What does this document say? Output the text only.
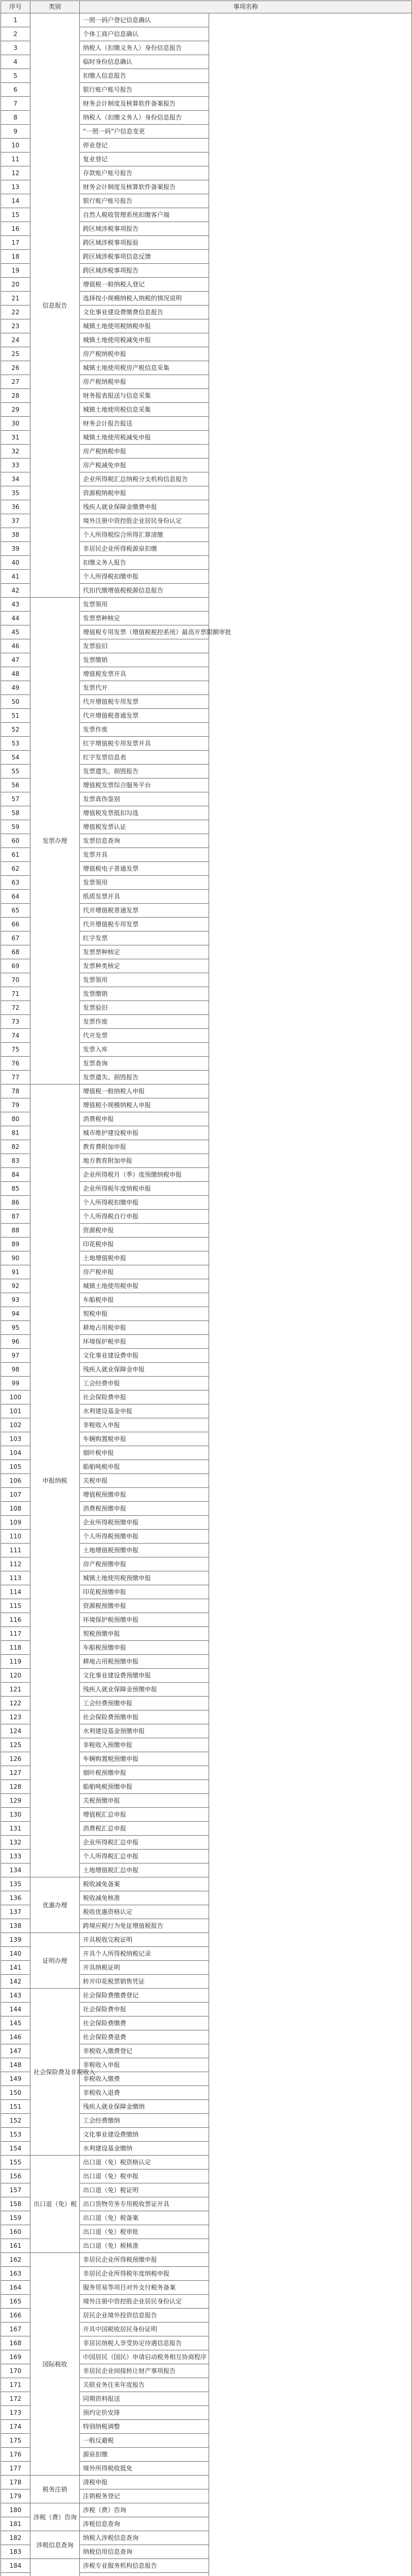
序号	类别	事项名称	
1	信息报告	一照一码户登记信息确认	
2		个体工商户信息确认	
3		纳税人（扣缴义务人）身份信息报告	
4		临时身份信息确认	
5		扣缴人信息报告	
6		银行账户账号报告	
7		财务会计制度及核算软件备案报告	
8		纳税人（扣缴义务人）身份信息报告	
9		“一照一码”户信息变更	
10		停业登记	
11		复业登记	
12		存款账户账号报告	
13		财务会计制度及核算软件备案报告	
14		银行账户账号报告	
15		自然人税收管理系统扣缴客户端	
16		跨区域涉税事项报告	
17		跨区域涉税事项报验	
18		跨区域涉税事项信息反馈	
19		跨区域涉税事项报告	
20		增值税一般纳税人登记	
21		选择按小规模纳税人纳税的情况说明	
22		文化事业建设费缴费信息报告	
23		城镇土地使用税纳税申报	
24		城镇土地使用税减免申报	
25		房产税纳税申报	
26		城镇土地使用税房产税信息采集	
27		房产税纳税申报	
28		财务报表报送与信息采集	
29		城镇土地使用税信息采集	
30		财务会计报告报送	
31		城镇土地使用税减免申报	
32		房产税纳税申报	
33		房产税减免申报	
34		企业所得税汇总纳税分支机构信息报告	
35		资源税纳税申报	
36		残疾人就业保障金缴费申报	
37		境外注册中资控股企业居民身份认定	
38		个人所得税综合所得汇算清缴	
39		非居民企业所得税源泉扣缴	
40		扣缴义务人报告	
41		个人所得税扣缴申报	
42		代扣代缴增值税税源信息报告	
43	发票办理	发票领用	
44		发票票种核定	
45		增值税专用发票（增值税税控系统）最高开票限额审批	
46		发票验旧	
47		发票缴销	
48		增值税发票开具	
49		发票代开	
50		代开增值税专用发票	
51		代开增值税普通发票	
52		发票作废	
53		红字增值税专用发票开具	
54		红字发票信息表	
55		发票遗失、损毁报告	
56		增值税发票综合服务平台	
57		发票真伪鉴别	
58		增值税发票抵扣勾选	
59		增值税发票认证	
60		发票信息查询	
61		发票开具	
62		增值税电子普通发票	
63		发票领用	
64		纸质发票开具	
65		代开增值税普通发票	
66		代开增值税专用发票	
67		红字发票	
68		发票票种核定	
69		发票种类核定	
70		发票领用	
71		发票缴销	
72		发票验旧	
73		发票作废	
74		代开发票	
75		发票入库	
76		发票查询	
77		发票遗失、损毁报告	
78	申报纳税	增值税一般纳税人申报	
79		增值税小规模纳税人申报	
80		消费税申报	
81		城市维护建设税申报	
82		教育费附加申报	
83		地方教育附加申报	
84		企业所得税月（季）度预缴纳税申报	
85		企业所得税年度纳税申报	
86		个人所得税扣缴申报	
87		个人所得税自行申报	
88		资源税申报	
89		印花税申报	
90		土地增值税申报	
91		房产税申报	
92		城镇土地使用税申报	
93		车船税申报	
94		契税申报	
95		耕地占用税申报	
96		环境保护税申报	
97		文化事业建设费申报	
98		残疾人就业保障金申报	
99		工会经费申报	
100		社会保险费申报	
101		水利建设基金申报	
102		非税收入申报	
103		车辆购置税申报	
104		烟叶税申报	
105		船舶吨税申报	
106		关税申报	
107		增值税预缴申报	
108		消费税预缴申报	
109		企业所得税预缴申报	
110		个人所得税预缴申报	
111		土地增值税预缴申报	
112		房产税预缴申报	
113		城镇土地使用税预缴申报	
114		印花税预缴申报	
115		资源税预缴申报	
116		环境保护税预缴申报	
117		契税预缴申报	
118		车船税预缴申报	
119		耕地占用税预缴申报	
120		文化事业建设费预缴申报	
121		残疾人就业保障金预缴申报	
122		工会经费预缴申报	
123		社会保险费预缴申报	
124		水利建设基金预缴申报	
125		非税收入预缴申报	
126		车辆购置税预缴申报	
127		烟叶税预缴申报	
128		船舶吨税预缴申报	
129		关税预缴申报	
130		增值税汇总申报	
131		消费税汇总申报	
132		企业所得税汇总申报	
133		个人所得税汇总申报	
134		土地增值税汇总申报	
135	优惠办理	税收减免备案	
136		税收减免核准	
137		税收优惠资格认定	
138		跨境应税行为免征增值税报告	
139	证明办理	开具税收完税证明	
140		开具个人所得税纳税记录	
141		开具纳税证明	
142		转开印花税票销售凭证	
143	社会保险费及非税收入	社会保险费缴费登记	
144		社会保险费申报	
145		社会保险费缴费	
146		社会保险费退费	
147		非税收入缴费登记	
148		非税收入申报	
149		非税收入缴费	
150		非税收入退费	
151		残疾人就业保障金缴纳	
152		工会经费缴纳	
153		文化事业建设费缴纳	
154		水利建设基金缴纳	
155	出口退（免）税	出口退（免）税资格认定	
156		出口退（免）税申报	
157		出口退（免）税证明	
158		出口货物劳务专用税收票证开具	
159		出口退（免）税备案	
160		出口退（免）税审批	
161		出口退（免）税核准	
162	国际税收	非居民企业所得税预缴申报	
163		非居民企业所得税年度纳税申报	
164		服务贸易等项目对外支付税务备案	
165		境外注册中资控股企业居民身份认定	
166		居民企业境外投资信息报告	
167		开具中国税收居民身份证明	
168		非居民纳税人享受协定待遇信息报告	
169		中国居民（国民）申请启动税务相互协商程序	
170		非居民企业间接转让财产事项报告	
171		关联业务往来年度报告	
172		同期资料报送	
173		预约定价安排	
174		特别纳税调整	
175		一般反避税	
176		源泉扣缴	
177		境外所得税收抵免	
178	税务注销	清税申报	
179		注销税务登记	
180	涉税（费）咨询	涉税（费）咨询	
181		涉税信息查询	
182	涉税信息查询	纳税人涉税信息查询	
183		纳税信用信息查询	
184		涉税专业服务机构信息报告	
